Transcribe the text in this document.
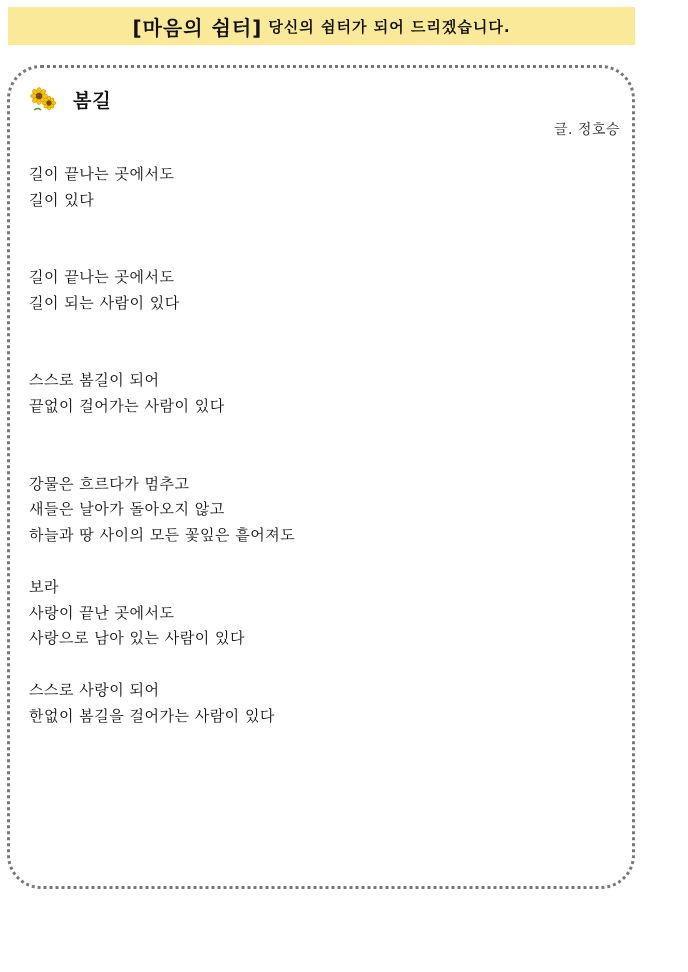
[마음의 쉼터] 당신의 쉼터가 되어 드리겠습니다.
봄길
글. 정호승
길이 끝나는 곳에서도
길이 있다
길이 끝나는 곳에서도
길이 되는 사람이 있다
스스로 봄길이 되어
끝없이 걸어가는 사람이 있다
강물은 흐르다가 멈추고
새들은 날아가 돌아오지 않고
하늘과 땅 사이의 모든 꽃잎은 흩어져도
보라
사랑이 끝난 곳에서도
사랑으로 남아 있는 사람이 있다
스스로 사랑이 되어
한없이 봄길을 걸어가는 사람이 있다
